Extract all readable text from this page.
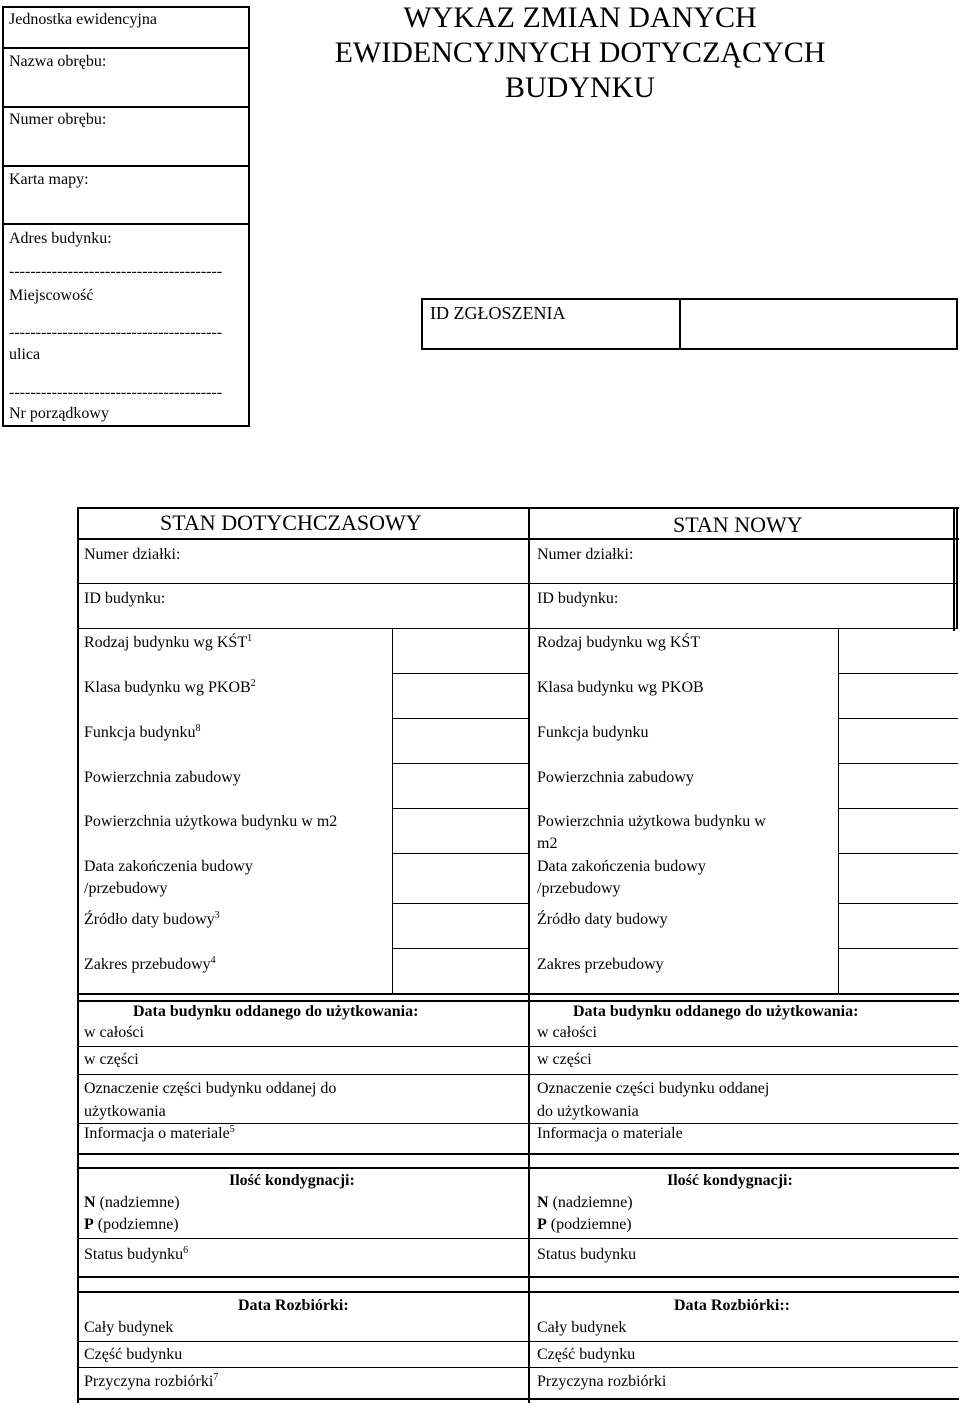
Jednostka ewidencyjna
Nazwa obrębu:
Numer obrębu:
Karta mapy:
Adres budynku:
----------------------------------------
Miejscowość
----------------------------------------
ulica
----------------------------------------
Nr porządkowy
WYKAZ ZMIAN DANYCH EWIDENCYJNYCH DOTYCZĄCYCH BUDYNKU
ID ZGŁOSZENIA
STAN DOTYCHCZASOWY
Numer działki:
ID budynku:
Rodzaj budynku wg KŚT$^1$
Klasa budynku wg PKOB$^2$
Funkcja budynku$^8$
Powierzchnia zabudowy
Powierzchnia użytkowa budynku w m2
Data zakończenia budowy
/przebudowy
Źródło daty budowy$^3$
Zakres przebudowy$^4$
Data budynku oddanego do użytkowania:
w całości
w części
Oznaczenie części budynku oddanej do
użytkowania
Informacja o materiale$^5$
Ilość kondygnacji:
N (nadziemne)
P (podziemne)
Status budynku$^6$
Data Rozbiórki:
Cały budynek
Część budynku
Przyczyna rozbiórki$^7$
STAN NOWY
Numer działki:
ID budynku:
Rodzaj budynku wg KŚT
Klasa budynku wg PKOB
Funkcja budynku
Powierzchnia zabudowy
Powierzchnia użytkowa budynku w
m2
Data zakończenia budowy
/przebudowy
Źródło daty budowy
Zakres przebudowy
Data budynku oddanego do użytkowania:
w całości
w części
Oznaczenie części budynku oddanej
do użytkowania
Informacja o materiale
Ilość kondygnacji:
N (nadziemne)
P (podziemne)
Status budynku
Data Rozbiórki::
Cały budynek
Część budynku
Przyczyna rozbiórki
